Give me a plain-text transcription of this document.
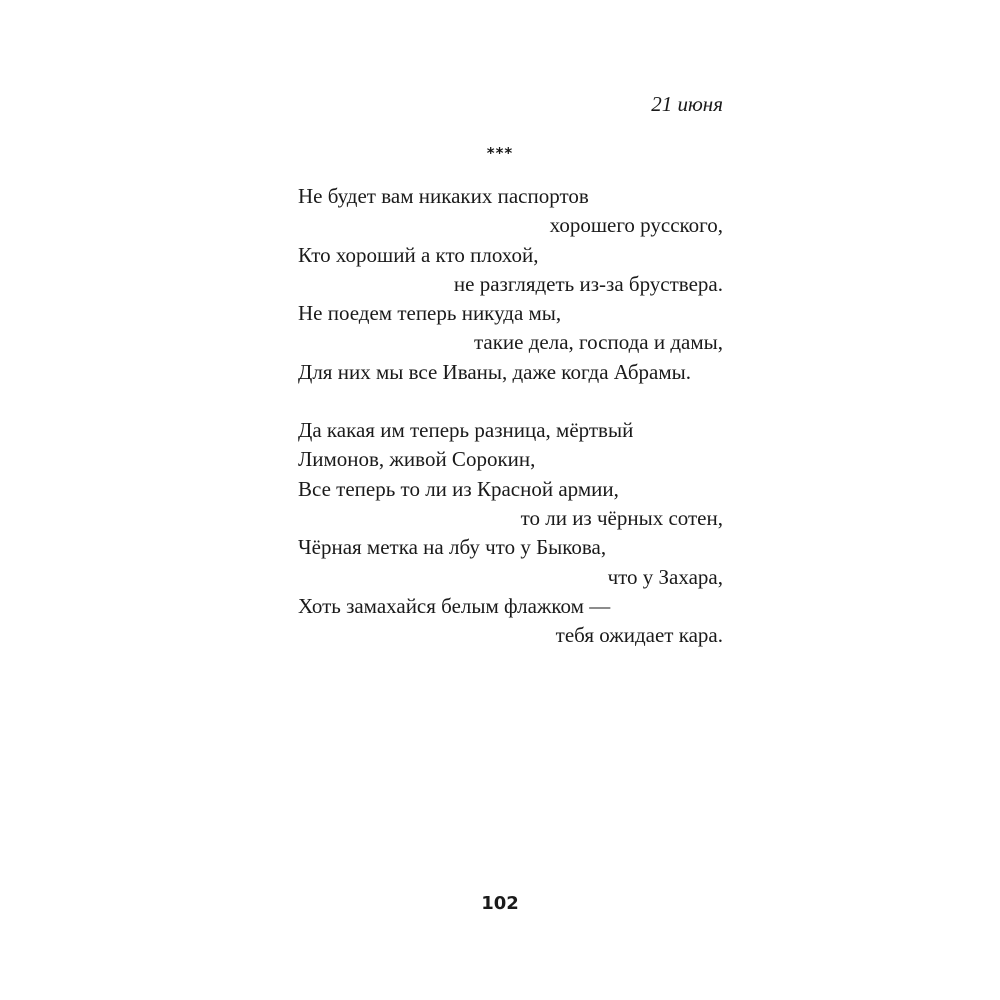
21 июня
***
Не будет вам никаких паспортов
хорошего русского,
Кто хороший а кто плохой,
не разглядеть из-за бруствера.
Не поедем теперь никуда мы,
такие дела, господа и дамы,
Для них мы все Иваны, даже когда Абрамы.
Да какая им теперь разница, мёртвый
Лимонов, живой Сорокин,
Все теперь то ли из Красной армии,
то ли из чёрных сотен,
Чёрная метка на лбу что у Быкова,
что у Захара,
Хоть замахайся белым флажком —
тебя ожидает кара.
102
